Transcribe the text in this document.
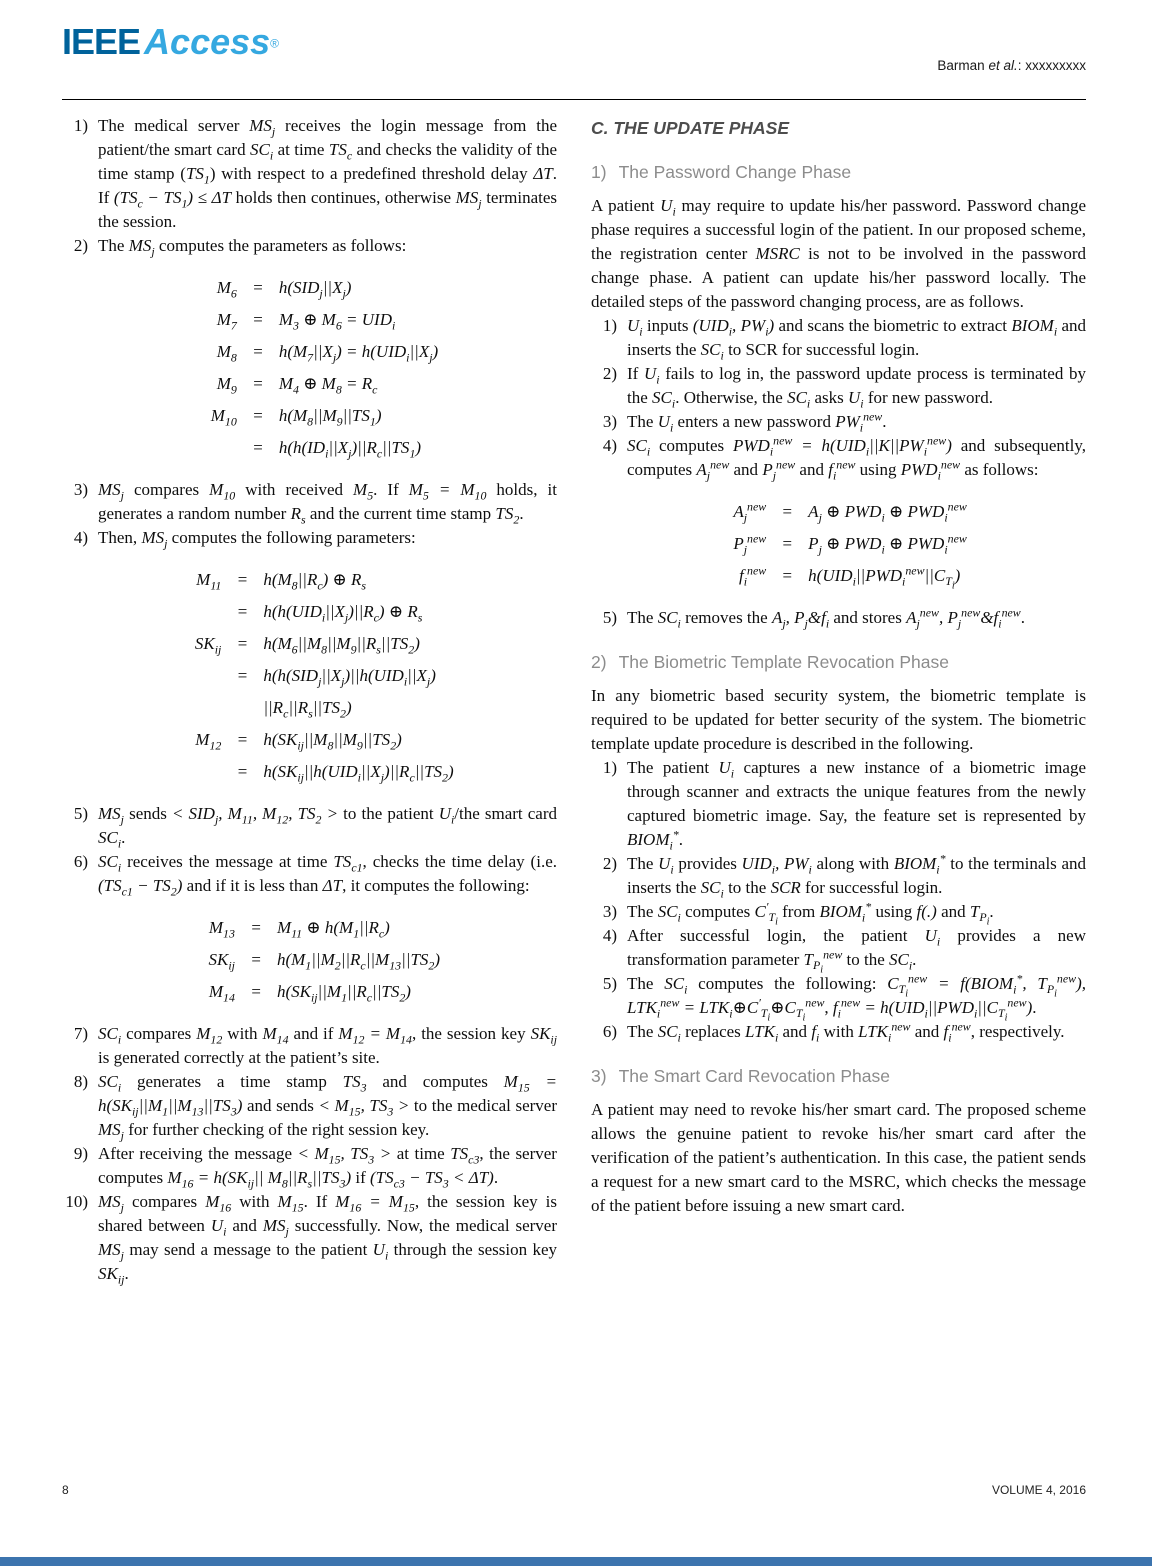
IEEE Access®
Barman et al.: xxxxxxxxx
1) The medical server $MS_j$ receives the login message from the patient/the smart card $SC_i$ at time $TS_c$ and checks the validity of the time stamp $(TS_1)$ with respect to a predefined threshold delay ΔT. If $(TS_c - TS_1) \le \Delta T$ holds then continues, otherwise $MS_j$ terminates the session.
2) The $MS_j$ computes the parameters as follows:
$M_6$	=	$h(SID_j||X_j)$
$M_7$	=	$M_3$ ⊕ $M_6 = UID_i$
$M_8$	=	$h(M_7||X_j) = h(UID_i||X_j)$
$M_9$	=	$M_4$ ⊕ $M_8 = R_c$
$M_{10}$	=	$h(M_8||M_9||TS_1)$
	=	$h(h(ID_i||X_j)||R_c||TS_1)$
3) $MS_j$ compares $M_{10}$ with received $M_5$. If $M_5 = M_{10}$ holds, it generates a random number $R_s$ and the current time stamp $TS_2$.
4) Then, $MS_j$ computes the following parameters:
$M_{11}$	=	$h(M_8||R_c)$ ⊕ $R_s$
	=	$h(h(UID_i||X_j)||R_c)$ ⊕ $R_s$
$SK_{ij}$	=	$h(M_6||M_8||M_9||R_s||TS_2)$
	=	$h(h(SID_j||X_j)||h(UID_i||X_j)$
		$||R_c||R_s||TS_2$)
$M_{12}$	=	$h(SK_{ij}||M_8||M_9||TS_2)$
	=	$h(SK_{ij}||h(UID_i||X_j)||R_c||TS_2)$
5) $MS_j$ sends < $SID_j$, $M_{11}$, $M_{12}$, $TS_2$ > to the patient $U_i$/the smart card $SC_i$.
6) $SC_i$ receives the message at time $TS_{c1}$, checks the time delay (i.e. $(TS_{c1} - TS_2)$ and if it is less than ΔT, it computes the following:
$M_{13}$	=	$M_{11}$ ⊕ $h(M_1||R_c)$
$SK_{ij}$	=	$h(M_1||M_2||R_c||M_{13}||TS_2)$
$M_{14}$	=	$h(SK_{ij}||M_1||R_c||TS_2)$
7) $SC_i$ compares $M_{12}$ with $M_{14}$ and if $M_{12} = M_{14}$, the session key $SK_{ij}$ is generated correctly at the patient’s site.
8) $SC_i$ generates a time stamp $TS_3$ and computes $M_{15} = h(SK_{ij}||M_1||M_{13}||TS_3)$ and sends < $M_{15}$, $TS_3$ > to the medical server $MS_j$ for further checking of the right session key.
9) After receiving the message < $M_{15}$, $TS_3$ > at time $TS_{c3}$, the server computes $M_{16} = h(SK_{ij}||$ $M_8||R_s||TS_3$) if $(TS_{c3} - TS_3 < \Delta T)$.
10) $MS_j$ compares $M_{16}$ with $M_{15}$. If $M_{16} = M_{15}$, the session key is shared between $U_i$ and $MS_j$ successfully. Now, the medical server $MS_j$ may send a message to the patient $U_i$ through the session key $SK_{ij}$.
C. THE UPDATE PHASE
1) The Password Change Phase

A patient $U_i$ may require to update his/her password. Password change phase requires a successful login of the patient. In our proposed scheme, the registration center MSRC is not to be involved in the password change phase. A patient can update his/her password locally. The detailed steps of the password changing process, are as follows.

1) $U_i$ inputs ($UID_i$, $PW_i$) and scans the biometric to extract $BIOM_i$ and inserts the $SC_i$ to SCR for successful login.
2) If $U_i$ fails to log in, the password update process is terminated by the $SC_i$. Otherwise, the $SC_i$ asks $U_i$ for new password.
3) The $U_i$ enters a new password $PW_i^{new}$.
4) $SC_i$ computes $PWD_i^{new} = h(UID_i||K||PW_i^{new})$ and subsequently, computes $A_j^{new}$ and $P_j^{new}$ and $f_i^{new}$ using $PWD_i^{new}$ as follows:
$A_j^{new}$	=	$A_j$ ⊕ $PWD_i$ ⊕ $PWD_i^{new}$
$P_j^{new}$	=	$P_j$ ⊕ $PWD_i$ ⊕ $PWD_i^{new}$
$f_i^{new}$	=	$h(UID_i||PWD_i^{new}||C_{T_i})$
5) The $SC_i$ removes the $A_j$, $P_j\&f_i$ and stores $A_j^{new}$, $P_j^{new}\&f_i^{new}$.
2) The Biometric Template Revocation Phase

In any biometric based security system, the biometric template is required to be updated for better security of the system. The biometric template update procedure is described in the following.

1) The patient $U_i$ captures a new instance of a biometric image through scanner and extracts the unique features from the newly captured biometric image. Say, the feature set is represented by $BIOM_i^*$.
2) The $U_i$ provides $UID_i$, $PW_i$ along with $BIOM_i^*$ to the terminals and inserts the $SC_i$ to the SCR for successful login.
3) The $SC_i$ computes $C'_{T_i}$ from $BIOM_i^*$ using f(.) and $T_{P_i}$.
4) After successful login, the patient $U_i$ provides a new transformation parameter $T_{P_i}^{new}$ to the $SC_i$.
5) The $SC_i$ computes the following: $C_{T_i}^{new}$ = $f(BIOM_i^*$, $T_{P_i}^{new}$), $LTK_i^{new}$ = $LTK_i\oplus C'_{T_i}\oplus C_{T_i}^{new}$, $f_i^{new} = h(UID_i||PWD_i||C_{T_i}^{new})$.
6) The $SC_i$ replaces $LTK_i$ and $f_i$ with $LTK_i^{new}$ and $f_i^{new}$, respectively.
3) The Smart Card Revocation Phase

A patient may need to revoke his/her smart card. The proposed scheme allows the genuine patient to revoke his/her smart card after the verification of the patient’s authentication. In this case, the patient sends a request for a new smart card to the MSRC, which checks the message of the patient before issuing a new smart card.

8	VOLUME 4, 2016
